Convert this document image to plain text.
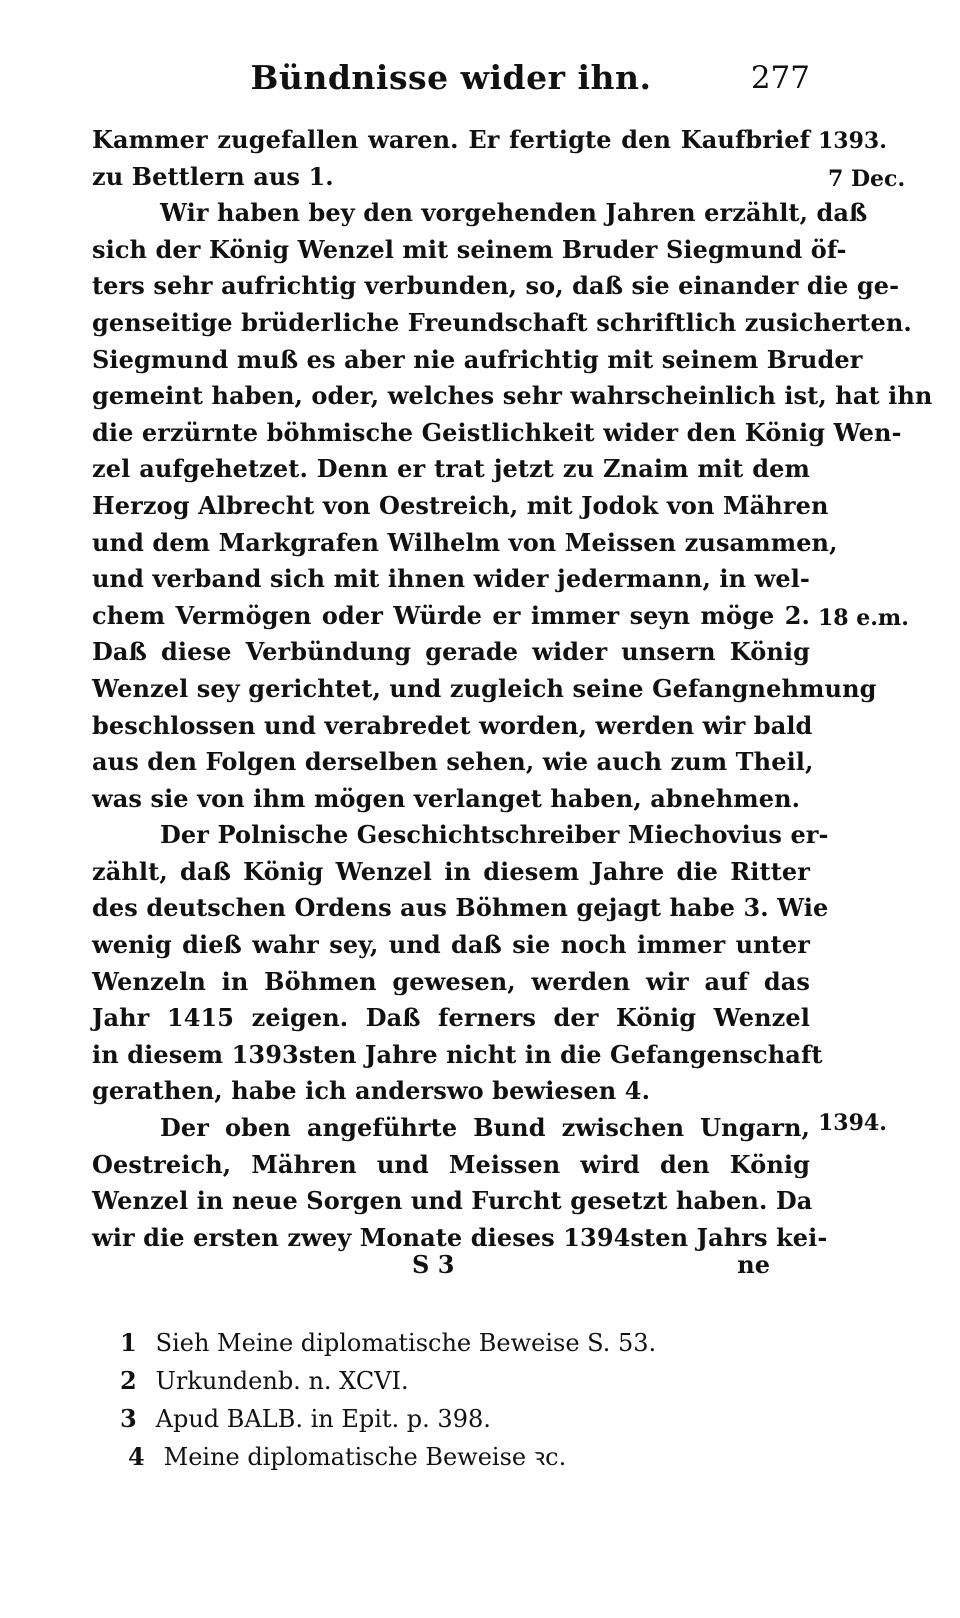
Bündnisse wider ihn.	277
Kammer zugefallen waren. Er fertigte den Kaufbrief
zu Bettlern aus 1.
Wir haben bey den vorgehenden Jahren erzählt, daß
sich der König Wenzel mit seinem Bruder Siegmund öf-
ters sehr aufrichtig verbunden, so, daß sie einander die ge-
genseitige brüderliche Freundschaft schriftlich zusicherten.
Siegmund muß es aber nie aufrichtig mit seinem Bruder
gemeint haben, oder, welches sehr wahrscheinlich ist, hat ihn
die erzürnte böhmische Geistlichkeit wider den König Wen-
zel aufgehetzet. Denn er trat jetzt zu Znaim mit dem
Herzog Albrecht von Oestreich, mit Jodok von Mähren
und dem Markgrafen Wilhelm von Meissen zusammen,
und verband sich mit ihnen wider jedermann, in wel-
chem Vermögen oder Würde er immer seyn möge 2.
Daß diese Verbündung gerade wider unsern König
Wenzel sey gerichtet, und zugleich seine Gefangnehmung
beschlossen und verabredet worden, werden wir bald
aus den Folgen derselben sehen, wie auch zum Theil,
was sie von ihm mögen verlanget haben, abnehmen.
Der Polnische Geschichtschreiber Miechovius er-
zählt, daß König Wenzel in diesem Jahre die Ritter
des deutschen Ordens aus Böhmen gejagt habe 3. Wie
wenig dieß wahr sey, und daß sie noch immer unter
Wenzeln in Böhmen gewesen, werden wir auf das
Jahr 1415 zeigen. Daß ferners der König Wenzel
in diesem 1393sten Jahre nicht in die Gefangenschaft
gerathen, habe ich anderswo bewiesen 4.
Der oben angeführte Bund zwischen Ungarn,
Oestreich, Mähren und Meissen wird den König
Wenzel in neue Sorgen und Furcht gesetzt haben. Da
wir die ersten zwey Monate dieses 1394sten Jahrs kei-
1393.
7 Dec.
18 e.m.
1394.
S 3	ne
1 Sieh Meine diplomatische Beweise S. 53.
2 Urkundenb. n. XCVI.
3 Apud BALB. in Epit. p. 398.
4 Meine diplomatische Beweise ꝛc.
